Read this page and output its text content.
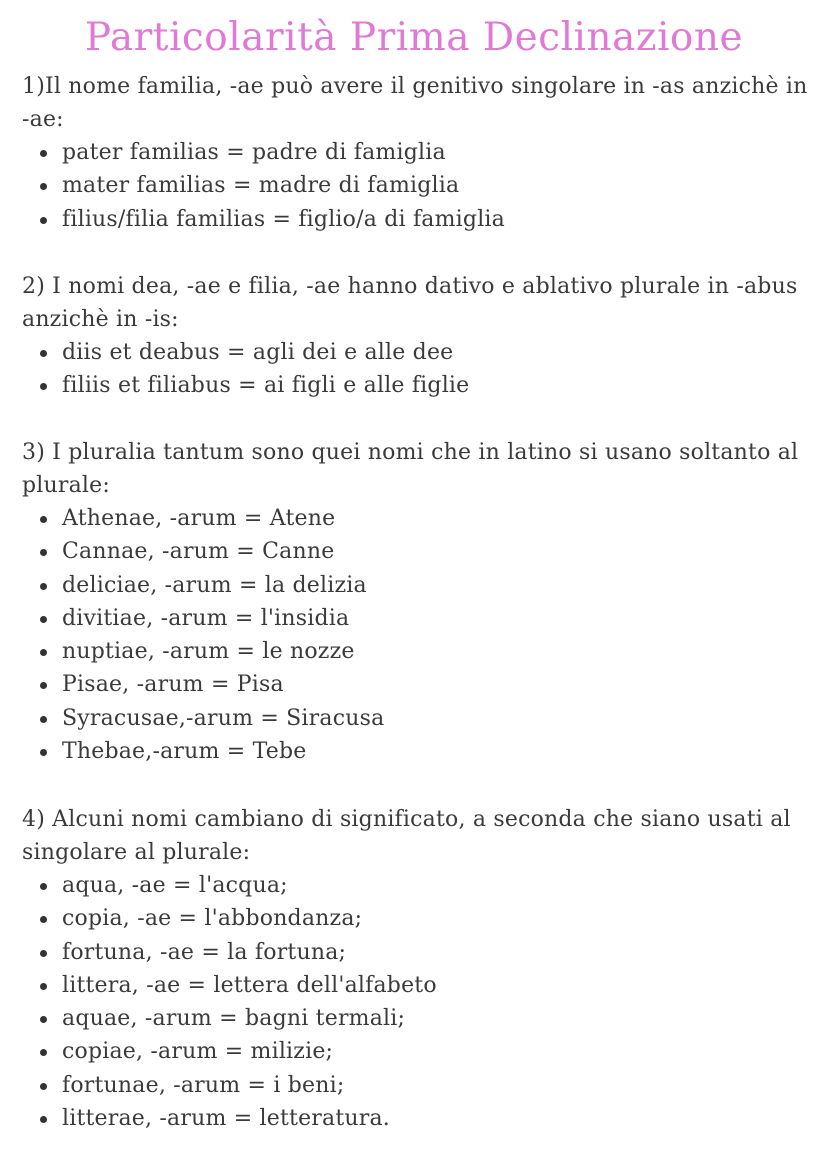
Particolarità Prima Declinazione

1)Il nome familia, -ae può avere il genitivo singolare in -as anzichè in -ae:

pater familias = padre di famiglia
mater familias = madre di famiglia
filius/filia familias = figlio/a di famiglia

2) I nomi dea, -ae e filia, -ae hanno dativo e ablativo plurale in -abus anzichè in -is:

diis et deabus = agli dei e alle dee
filiis et filiabus = ai figli e alle figlie

3) I pluralia tantum sono quei nomi che in latino si usano soltanto al plurale:

Athenae, -arum = Atene
Cannae, -arum = Canne
deliciae, -arum = la delizia
divitiae, -arum = l'insidia
nuptiae, -arum = le nozze
Pisae, -arum = Pisa
Syracusae,-arum = Siracusa
Thebae,-arum = Tebe

4) Alcuni nomi cambiano di significato, a seconda che siano usati al singolare al plurale:

aqua, -ae = l'acqua;
copia, -ae = l'abbondanza;
fortuna, -ae = la fortuna;
littera, -ae = lettera dell'alfabeto
aquae, -arum = bagni termali;
copiae, -arum = milizie;
fortunae, -arum = i beni;
litterae, -arum = letteratura.
